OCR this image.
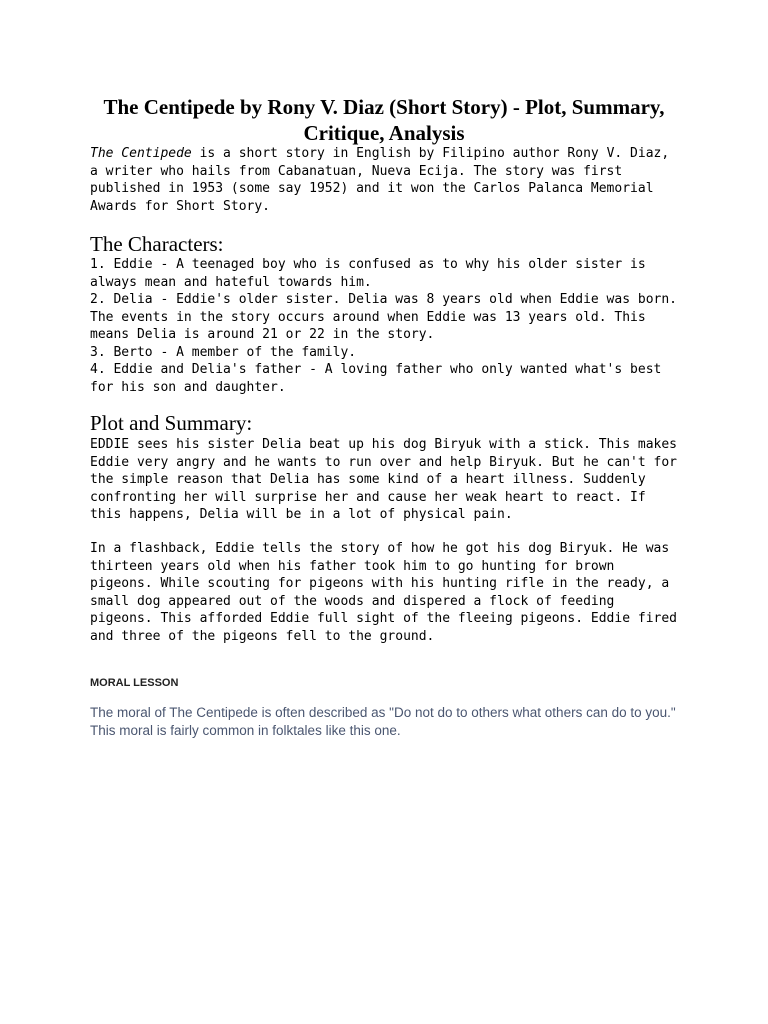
The Centipede by Rony V. Diaz (Short Story) - Plot, Summary, Critique, Analysis

The Centipede is a short story in English by Filipino author Rony V. Diaz, a writer who hails from Cabanatuan, Nueva Ecija. The story was first published in 1953 (some say 1952) and it won the Carlos Palanca Memorial Awards for Short Story.

The Characters:
1. Eddie - A teenaged boy who is confused as to why his older sister is always mean and hateful towards him.
2. Delia - Eddie's older sister. Delia was 8 years old when Eddie was born. The events in the story occurs around when Eddie was 13 years old. This means Delia is around 21 or 22 in the story.
3. Berto - A member of the family.
4. Eddie and Delia's father - A loving father who only wanted what's best for his son and daughter.
Plot and Summary:

EDDIE sees his sister Delia beat up his dog Biryuk with a stick. This makes Eddie very angry and he wants to run over and help Biryuk. But he can't for the simple reason that Delia has some kind of a heart illness. Suddenly confronting her will surprise her and cause her weak heart to react. If this happens, Delia will be in a lot of physical pain.

In a flashback, Eddie tells the story of how he got his dog Biryuk. He was thirteen years old when his father took him to go hunting for brown pigeons. While scouting for pigeons with his hunting rifle in the ready, a small dog appeared out of the woods and dispered a flock of feeding pigeons. This afforded Eddie full sight of the fleeing pigeons. Eddie fired and three of the pigeons fell to the ground.

MORAL LESSON

The moral of The Centipede is often described as "Do not do to others what others can do to you." This moral is fairly common in folktales like this one.
